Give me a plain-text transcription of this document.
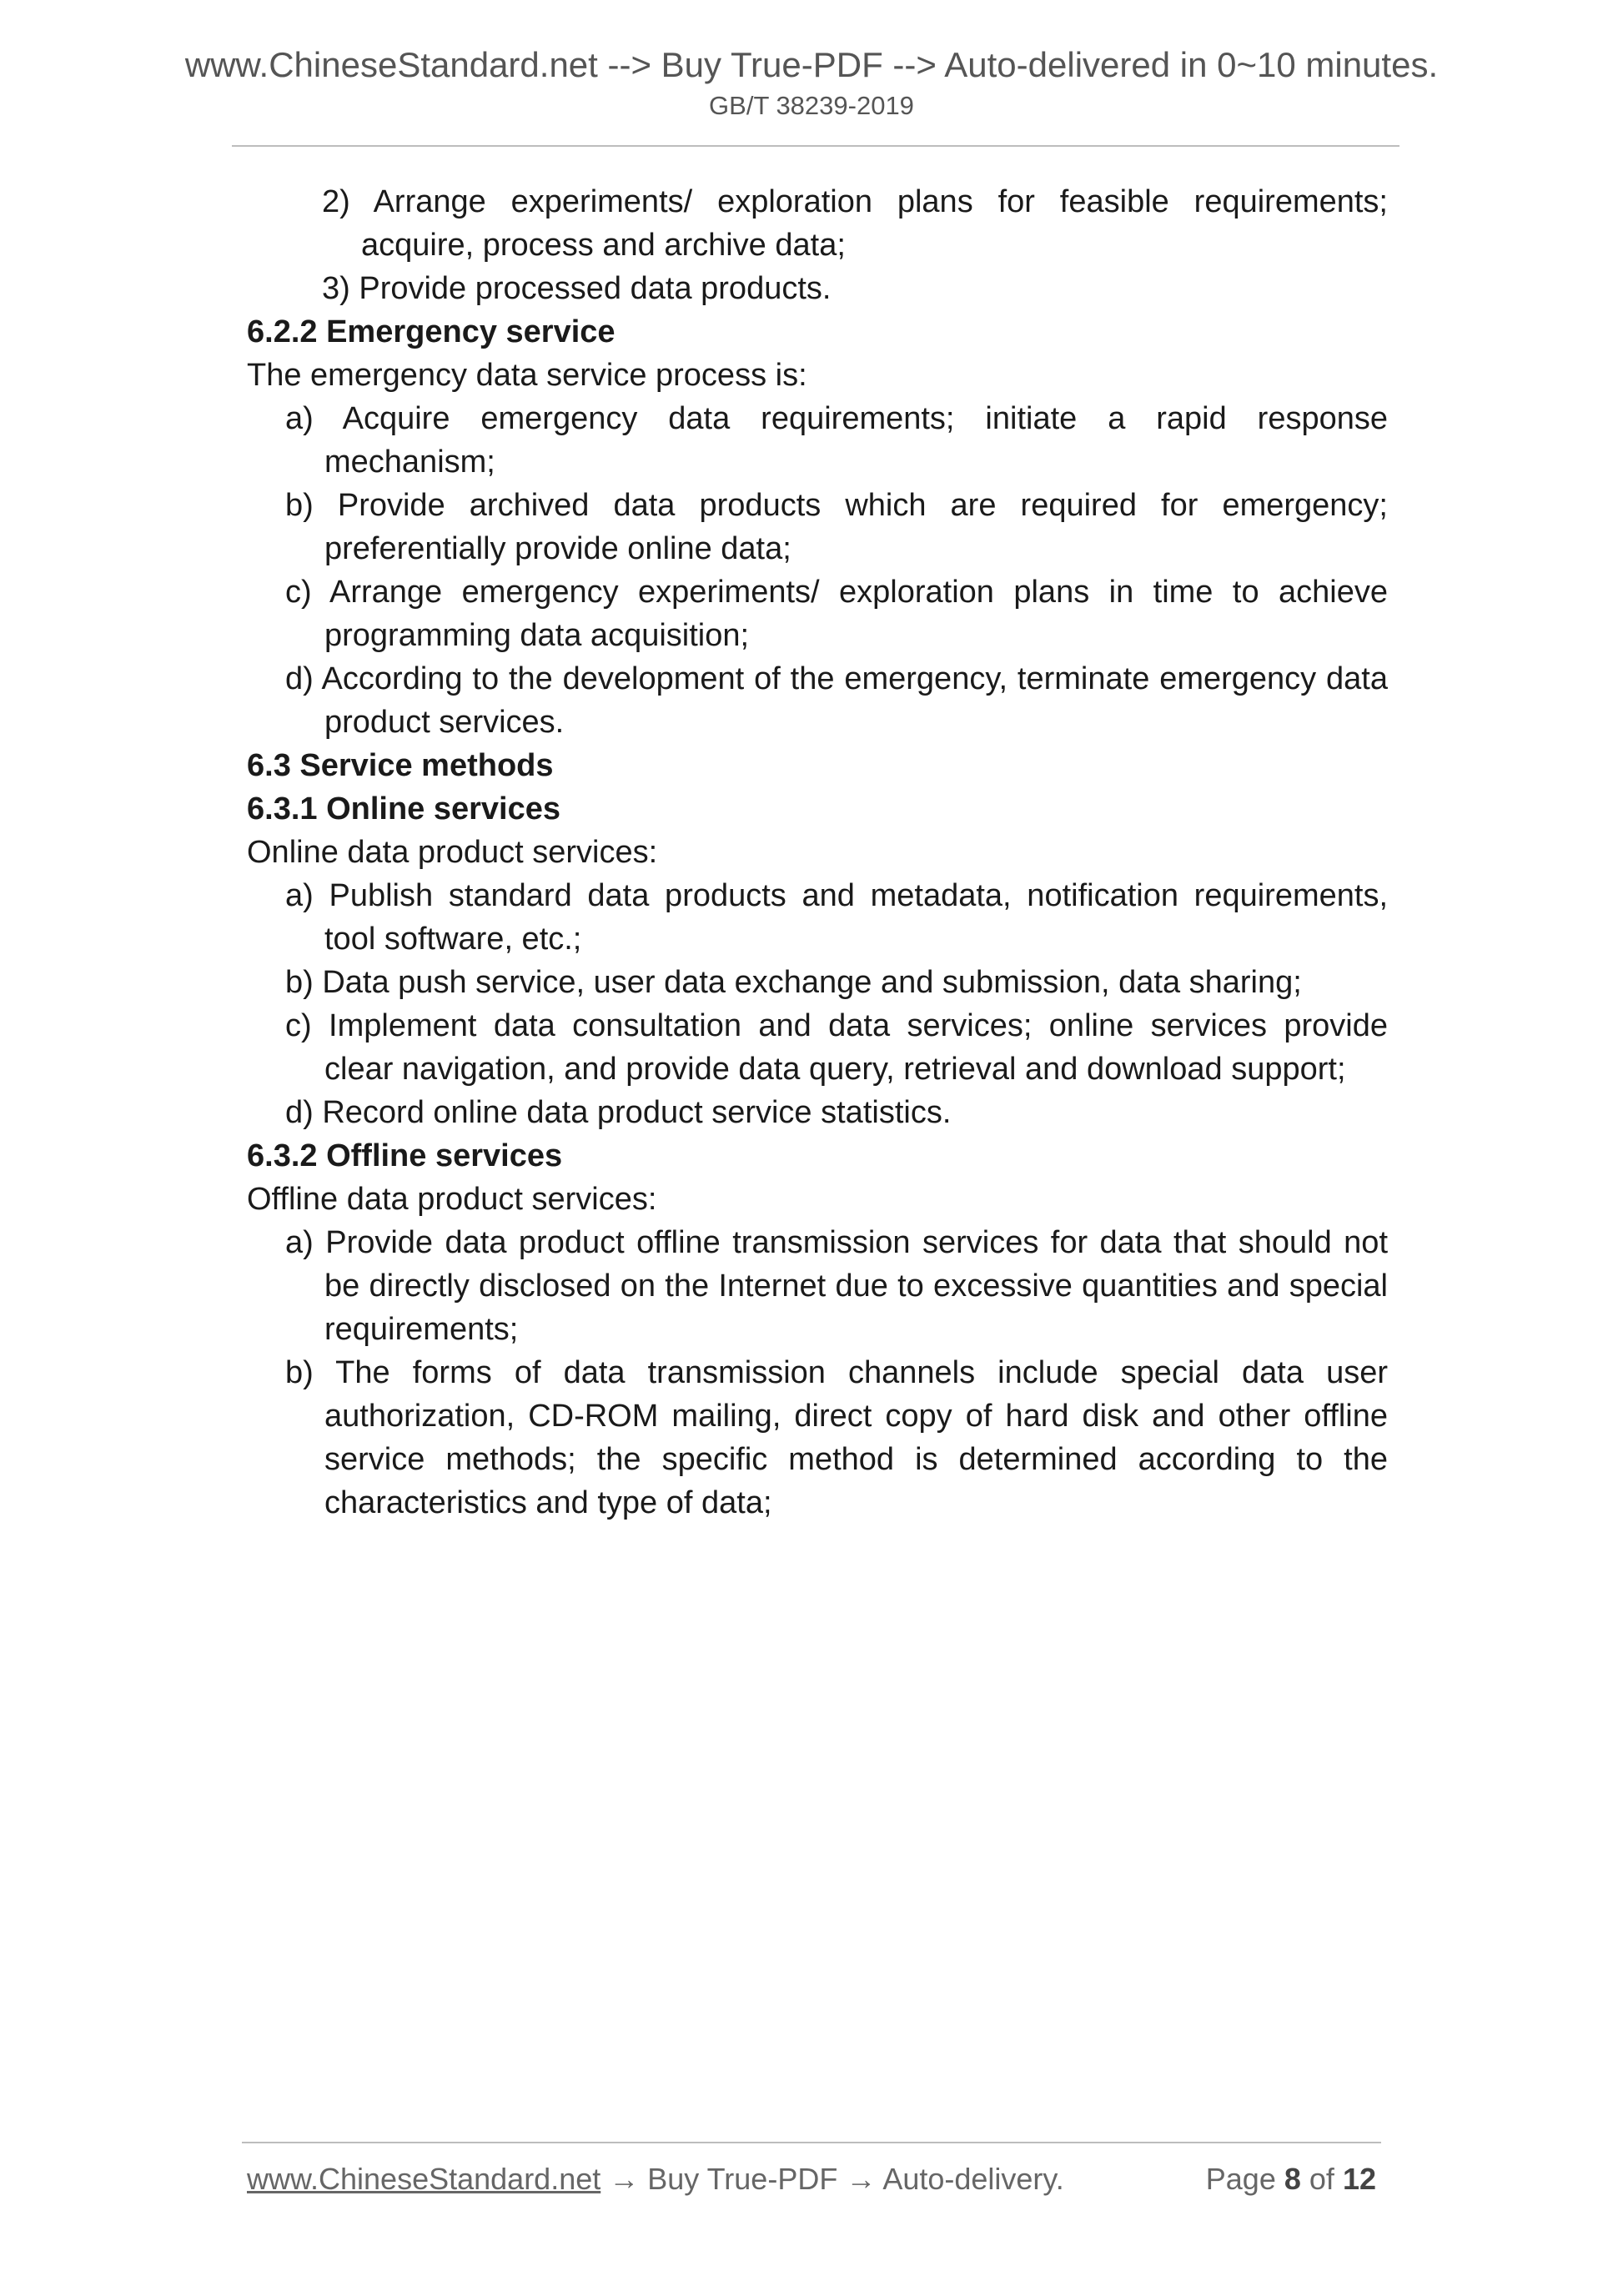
www.ChineseStandard.net --> Buy True-PDF --> Auto-delivered in 0~10 minutes.
GB/T 38239-2019

2) Arrange experiments/ exploration plans for feasible requirements; acquire, process and archive data;

3) Provide processed data products.

6.2.2 Emergency service

The emergency data service process is:

a) Acquire emergency data requirements; initiate a rapid response mechanism;

b) Provide archived data products which are required for emergency; preferentially provide online data;

c) Arrange emergency experiments/ exploration plans in time to achieve programming data acquisition;

d) According to the development of the emergency, terminate emergency data product services.

6.3 Service methods

6.3.1 Online services

Online data product services:

a) Publish standard data products and metadata, notification requirements, tool software, etc.;

b) Data push service, user data exchange and submission, data sharing;

c) Implement data consultation and data services; online services provide clear navigation, and provide data query, retrieval and download support;

d) Record online data product service statistics.

6.3.2 Offline services

Offline data product services:

a) Provide data product offline transmission services for data that should not be directly disclosed on the Internet due to excessive quantities and special requirements;

b) The forms of data transmission channels include special data user authorization, CD-ROM mailing, direct copy of hard disk and other offline service methods; the specific method is determined according to the characteristics and type of data;

www.ChineseStandard.net → Buy True-PDF → Auto-delivery.	Page 8 of 12
